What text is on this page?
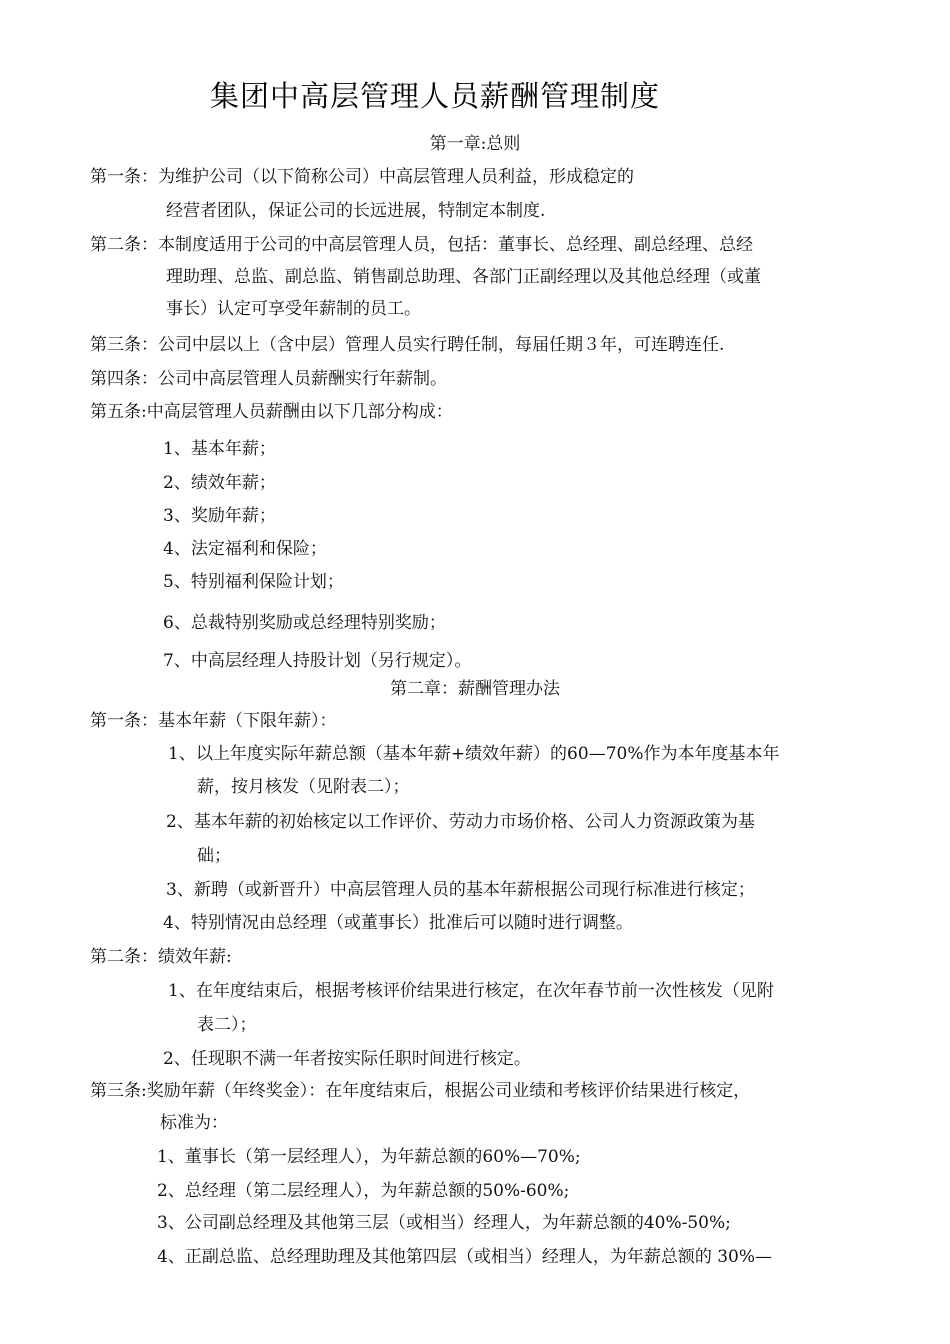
集团中高层管理人员薪酬管理制度
第一章:总则
第一条：为维护公司（以下简称公司）中高层管理人员利益，形成稳定的
经营者团队，保证公司的长远进展，特制定本制度.
第二条：本制度适用于公司的中高层管理人员，包括：董事长、总经理、副总经理、总经
理助理、总监、副总监、销售副总助理、各部门正副经理以及其他总经理（或董
事长）认定可享受年薪制的员工。
第三条：公司中层以上（含中层）管理人员实行聘任制，每届任期３年，可连聘连任.
第四条：公司中高层管理人员薪酬实行年薪制。
第五条:中高层管理人员薪酬由以下几部分构成：
1、基本年薪；
2、绩效年薪；
3、奖励年薪；
4、法定福利和保险；
5、特别福利保险计划；
6、总裁特别奖励或总经理特别奖励；
7、中高层经理人持股计划（另行规定）。
第二章：薪酬管理办法
第一条：基本年薪（下限年薪）：
1、以上年度实际年薪总额（基本年薪+绩效年薪）的60—70%作为本年度基本年
薪，按月核发（见附表二）；
2、基本年薪的初始核定以工作评价、劳动力市场价格、公司人力资源政策为基
础；
3、新聘（或新晋升）中高层管理人员的基本年薪根据公司现行标准进行核定；
4、特别情况由总经理（或董事长）批准后可以随时进行调整。
第二条：绩效年薪:
1、在年度结束后，根据考核评价结果进行核定，在次年春节前一次性核发（见附
表二）；
2、任现职不满一年者按实际任职时间进行核定。
第三条:奖励年薪（年终奖金）：在年度结束后，根据公司业绩和考核评价结果进行核定，
标准为：
1、董事长（第一层经理人），为年薪总额的60%—70%;
2、总经理（第二层经理人），为年薪总额的50%-60%;
3、公司副总经理及其他第三层（或相当）经理人，为年薪总额的40%-50%;
4、正副总监、总经理助理及其他第四层（或相当）经理人，为年薪总额的 30%—
